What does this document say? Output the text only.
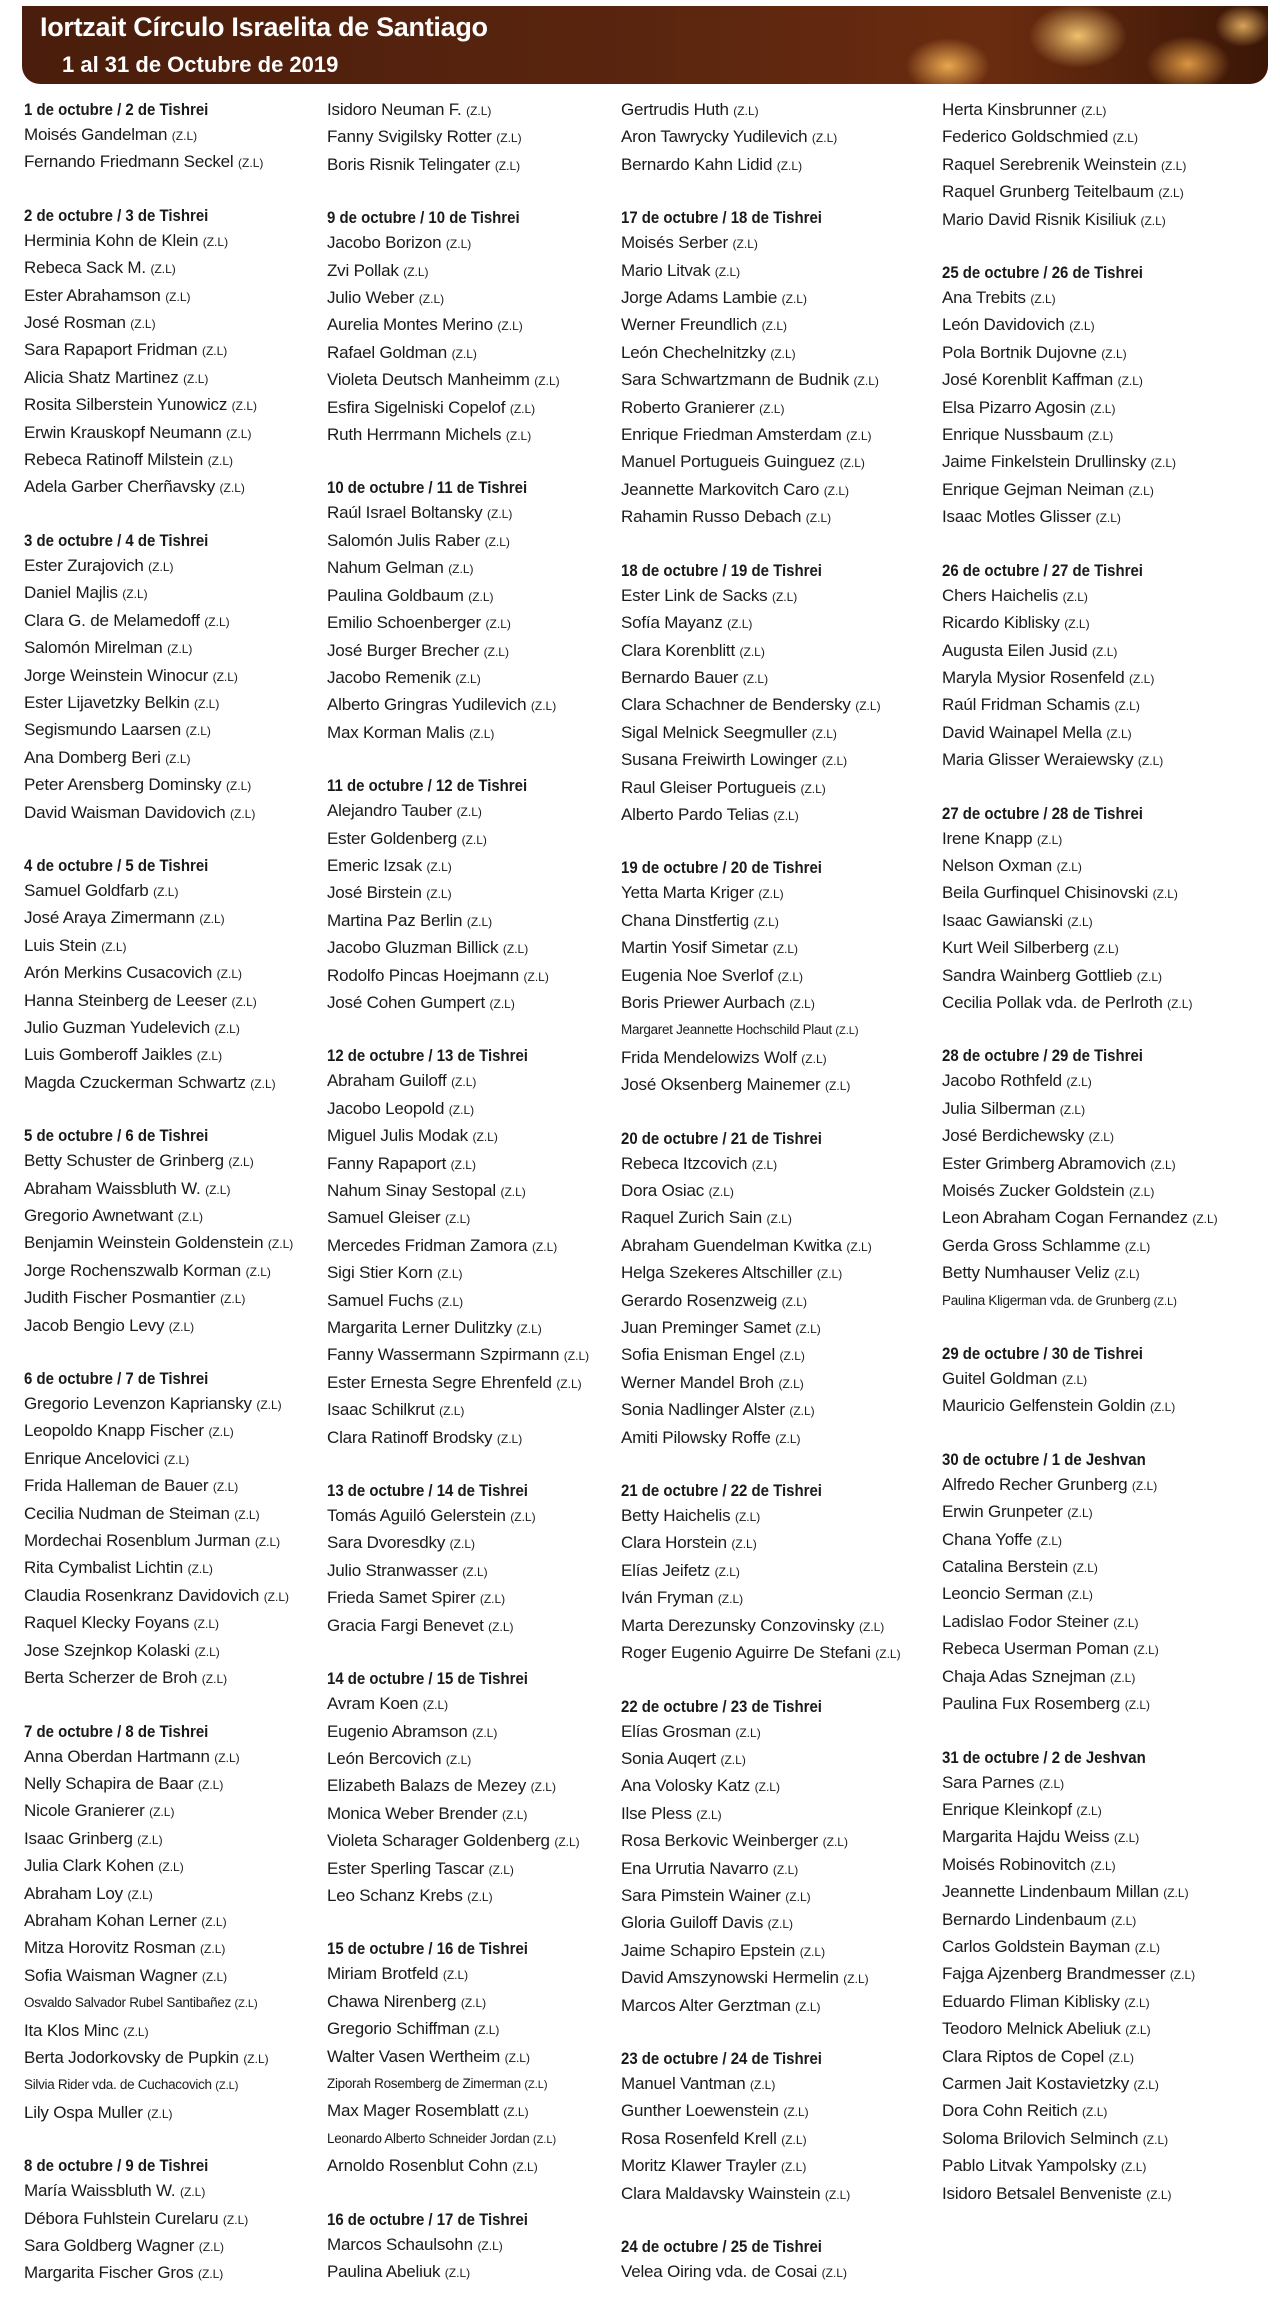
Iortzait Círculo Israelita de Santiago
1 al 31 de Octubre de 2019
1 de octubre / 2 de Tishrei
Moisés Gandelman (Z.L)
Fernando Friedmann Seckel (Z.L)
2 de octubre / 3 de Tishrei
Herminia Kohn de Klein (Z.L)
Rebeca Sack M. (Z.L)
Ester Abrahamson (Z.L)
José Rosman (Z.L)
Sara Rapaport Fridman (Z.L)
Alicia Shatz Martinez (Z.L)
Rosita Silberstein Yunowicz (Z.L)
Erwin Krauskopf Neumann (Z.L)
Rebeca Ratinoff Milstein (Z.L)
Adela Garber Cherñavsky (Z.L)
3 de octubre / 4 de Tishrei
Ester Zurajovich (Z.L)
Daniel Majlis (Z.L)
Clara G. de Melamedoff (Z.L)
Salomón Mirelman (Z.L)
Jorge Weinstein Winocur (Z.L)
Ester Lijavetzky Belkin (Z.L)
Segismundo Laarsen (Z.L)
Ana Domberg Beri (Z.L)
Peter Arensberg Dominsky (Z.L)
David Waisman Davidovich (Z.L)
4 de octubre / 5 de Tishrei
Samuel Goldfarb (Z.L)
José Araya Zimermann (Z.L)
Luis Stein (Z.L)
Arón Merkins Cusacovich (Z.L)
Hanna Steinberg de Leeser (Z.L)
Julio Guzman Yudelevich (Z.L)
Luis Gomberoff Jaikles (Z.L)
Magda Czuckerman Schwartz (Z.L)
5 de octubre / 6 de Tishrei
Betty Schuster de Grinberg (Z.L)
Abraham Waissbluth W. (Z.L)
Gregorio Awnetwant (Z.L)
Benjamin Weinstein Goldenstein (Z.L)
Jorge Rochenszwalb Korman (Z.L)
Judith Fischer Posmantier (Z.L)
Jacob Bengio Levy (Z.L)
6 de octubre / 7 de Tishrei
Gregorio Levenzon Kapriansky (Z.L)
Leopoldo Knapp Fischer (Z.L)
Enrique Ancelovici (Z.L)
Frida Halleman de Bauer (Z.L)
Cecilia Nudman de Steiman (Z.L)
Mordechai Rosenblum Jurman (Z.L)
Rita Cymbalist Lichtin (Z.L)
Claudia Rosenkranz Davidovich (Z.L)
Raquel Klecky Foyans (Z.L)
Jose Szejnkop Kolaski (Z.L)
Berta Scherzer de Broh (Z.L)
7 de octubre / 8 de Tishrei
Anna Oberdan Hartmann (Z.L)
Nelly Schapira de Baar (Z.L)
Nicole Granierer (Z.L)
Isaac Grinberg (Z.L)
Julia Clark Kohen (Z.L)
Abraham Loy (Z.L)
Abraham Kohan Lerner (Z.L)
Mitza Horovitz Rosman (Z.L)
Sofia Waisman Wagner (Z.L)
Osvaldo Salvador Rubel Santibañez (Z.L)
Ita Klos Minc (Z.L)
Berta Jodorkovsky de Pupkin (Z.L)
Silvia Rider vda. de Cuchacovich (Z.L)
Lily Ospa Muller (Z.L)
8 de octubre / 9 de Tishrei
María Waissbluth W. (Z.L)
Débora Fuhlstein Curelaru (Z.L)
Sara Goldberg Wagner (Z.L)
Margarita Fischer Gros (Z.L)
Isidoro Neuman F. (Z.L)
Fanny Svigilsky Rotter (Z.L)
Boris Risnik Telingater (Z.L)
9 de octubre / 10 de Tishrei
Jacobo Borizon (Z.L)
Zvi Pollak (Z.L)
Julio Weber (Z.L)
Aurelia Montes Merino (Z.L)
Rafael Goldman (Z.L)
Violeta Deutsch Manheimm (Z.L)
Esfira Sigelniski Copelof (Z.L)
Ruth Herrmann Michels (Z.L)
10 de octubre / 11 de Tishrei
Raúl Israel Boltansky (Z.L)
Salomón Julis Raber (Z.L)
Nahum Gelman (Z.L)
Paulina Goldbaum (Z.L)
Emilio Schoenberger (Z.L)
José Burger Brecher (Z.L)
Jacobo Remenik (Z.L)
Alberto Gringras Yudilevich (Z.L)
Max Korman Malis (Z.L)
11 de octubre / 12 de Tishrei
Alejandro Tauber (Z.L)
Ester Goldenberg (Z.L)
Emeric Izsak (Z.L)
José Birstein (Z.L)
Martina Paz Berlin (Z.L)
Jacobo Gluzman Billick (Z.L)
Rodolfo Pincas Hoejmann (Z.L)
José Cohen Gumpert (Z.L)
12 de octubre / 13 de Tishrei
Abraham Guiloff (Z.L)
Jacobo Leopold (Z.L)
Miguel Julis Modak (Z.L)
Fanny Rapaport (Z.L)
Nahum Sinay Sestopal (Z.L)
Samuel Gleiser (Z.L)
Mercedes Fridman Zamora (Z.L)
Sigi Stier Korn (Z.L)
Samuel Fuchs (Z.L)
Margarita Lerner Dulitzky (Z.L)
Fanny Wassermann Szpirmann (Z.L)
Ester Ernesta Segre Ehrenfeld (Z.L)
Isaac Schilkrut (Z.L)
Clara Ratinoff Brodsky (Z.L)
13 de octubre / 14 de Tishrei
Tomás Aguiló Gelerstein (Z.L)
Sara Dvoresdky (Z.L)
Julio Stranwasser (Z.L)
Frieda Samet Spirer (Z.L)
Gracia Fargi Benevet (Z.L)
14 de octubre / 15 de Tishrei
Avram Koen (Z.L)
Eugenio Abramson (Z.L)
León Bercovich (Z.L)
Elizabeth Balazs de Mezey (Z.L)
Monica Weber Brender (Z.L)
Violeta Scharager Goldenberg (Z.L)
Ester Sperling Tascar (Z.L)
Leo Schanz Krebs (Z.L)
15 de octubre / 16 de Tishrei
Miriam Brotfeld (Z.L)
Chawa Nirenberg (Z.L)
Gregorio Schiffman (Z.L)
Walter Vasen Wertheim (Z.L)
Ziporah Rosemberg de Zimerman (Z.L)
Max Mager Rosemblatt (Z.L)
Leonardo Alberto Schneider Jordan (Z.L)
Arnoldo Rosenblut Cohn (Z.L)
16 de octubre / 17 de Tishrei
Marcos Schaulsohn (Z.L)
Paulina Abeliuk (Z.L)
Gertrudis Huth (Z.L)
Aron Tawrycky Yudilevich (Z.L)
Bernardo Kahn Lidid (Z.L)
17 de octubre / 18 de Tishrei
Moisés Serber (Z.L)
Mario Litvak (Z.L)
Jorge Adams Lambie (Z.L)
Werner Freundlich (Z.L)
León Chechelnitzky (Z.L)
Sara Schwartzmann de Budnik (Z.L)
Roberto Granierer (Z.L)
Enrique Friedman Amsterdam (Z.L)
Manuel Portugueis Guinguez (Z.L)
Jeannette Markovitch Caro (Z.L)
Rahamin Russo Debach (Z.L)
18 de octubre / 19 de Tishrei
Ester Link de Sacks (Z.L)
Sofía Mayanz (Z.L)
Clara Korenblitt (Z.L)
Bernardo Bauer (Z.L)
Clara Schachner de Bendersky (Z.L)
Sigal Melnick Seegmuller (Z.L)
Susana Freiwirth Lowinger (Z.L)
Raul Gleiser Portugueis (Z.L)
Alberto Pardo Telias (Z.L)
19 de octubre / 20 de Tishrei
Yetta Marta Kriger (Z.L)
Chana Dinstfertig (Z.L)
Martin Yosif Simetar (Z.L)
Eugenia Noe Sverlof (Z.L)
Boris Priewer Aurbach (Z.L)
Margaret Jeannette Hochschild Plaut (Z.L)
Frida Mendelowizs Wolf (Z.L)
José Oksenberg Mainemer (Z.L)
20 de octubre / 21 de Tishrei
Rebeca Itzcovich (Z.L)
Dora Osiac (Z.L)
Raquel Zurich Sain (Z.L)
Abraham Guendelman Kwitka (Z.L)
Helga Szekeres Altschiller (Z.L)
Gerardo Rosenzweig (Z.L)
Juan Preminger Samet (Z.L)
Sofia Enisman Engel (Z.L)
Werner Mandel Broh (Z.L)
Sonia Nadlinger Alster (Z.L)
Amiti Pilowsky Roffe (Z.L)
21 de octubre / 22 de Tishrei
Betty Haichelis (Z.L)
Clara Horstein (Z.L)
Elías Jeifetz (Z.L)
Iván Fryman (Z.L)
Marta Derezunsky Conzovinsky (Z.L)
Roger Eugenio Aguirre De Stefani (Z.L)
22 de octubre / 23 de Tishrei
Elías Grosman (Z.L)
Sonia Auqert (Z.L)
Ana Volosky Katz (Z.L)
Ilse Pless (Z.L)
Rosa Berkovic Weinberger (Z.L)
Ena Urrutia Navarro (Z.L)
Sara Pimstein Wainer (Z.L)
Gloria Guiloff Davis (Z.L)
Jaime Schapiro Epstein (Z.L)
David Amszynowski Hermelin (Z.L)
Marcos Alter Gerztman (Z.L)
23 de octubre / 24 de Tishrei
Manuel Vantman (Z.L)
Gunther Loewenstein (Z.L)
Rosa Rosenfeld Krell (Z.L)
Moritz Klawer Trayler (Z.L)
Clara Maldavsky Wainstein (Z.L)
24 de octubre / 25 de Tishrei
Velea Oiring vda. de Cosai (Z.L)
Herta Kinsbrunner (Z.L)
Federico Goldschmied (Z.L)
Raquel Serebrenik Weinstein (Z.L)
Raquel Grunberg Teitelbaum (Z.L)
Mario David Risnik Kisiliuk (Z.L)
25 de octubre / 26 de Tishrei
Ana Trebits (Z.L)
León Davidovich (Z.L)
Pola Bortnik Dujovne (Z.L)
José Korenblit Kaffman (Z.L)
Elsa Pizarro Agosin (Z.L)
Enrique Nussbaum (Z.L)
Jaime Finkelstein Drullinsky (Z.L)
Enrique Gejman Neiman (Z.L)
Isaac Motles Glisser (Z.L)
26 de octubre / 27 de Tishrei
Chers Haichelis (Z.L)
Ricardo Kiblisky (Z.L)
Augusta Eilen Jusid (Z.L)
Maryla Mysior Rosenfeld (Z.L)
Raúl Fridman Schamis (Z.L)
David Wainapel Mella (Z.L)
Maria Glisser Weraiewsky (Z.L)
27 de octubre / 28 de Tishrei
Irene Knapp (Z.L)
Nelson Oxman (Z.L)
Beila Gurfinquel Chisinovski (Z.L)
Isaac Gawianski (Z.L)
Kurt Weil Silberberg (Z.L)
Sandra Wainberg Gottlieb (Z.L)
Cecilia Pollak vda. de Perlroth (Z.L)
28 de octubre / 29 de Tishrei
Jacobo Rothfeld (Z.L)
Julia Silberman (Z.L)
José Berdichewsky (Z.L)
Ester Grimberg Abramovich (Z.L)
Moisés Zucker Goldstein (Z.L)
Leon Abraham Cogan Fernandez (Z.L)
Gerda Gross Schlamme (Z.L)
Betty Numhauser Veliz (Z.L)
Paulina Kligerman vda. de Grunberg (Z.L)
29 de octubre / 30 de Tishrei
Guitel Goldman (Z.L)
Mauricio Gelfenstein Goldin (Z.L)
30 de octubre / 1 de Jeshvan
Alfredo Recher Grunberg (Z.L)
Erwin Grunpeter (Z.L)
Chana Yoffe (Z.L)
Catalina Berstein (Z.L)
Leoncio Serman (Z.L)
Ladislao Fodor Steiner (Z.L)
Rebeca Userman Poman (Z.L)
Chaja Adas Sznejman (Z.L)
Paulina Fux Rosemberg (Z.L)
31 de octubre / 2 de Jeshvan
Sara Parnes (Z.L)
Enrique Kleinkopf (Z.L)
Margarita Hajdu Weiss (Z.L)
Moisés Robinovitch (Z.L)
Jeannette Lindenbaum Millan (Z.L)
Bernardo Lindenbaum (Z.L)
Carlos Goldstein Bayman (Z.L)
Fajga Ajzenberg Brandmesser (Z.L)
Eduardo Fliman Kiblisky (Z.L)
Teodoro Melnick Abeliuk (Z.L)
Clara Riptos de Copel (Z.L)
Carmen Jait Kostavietzky (Z.L)
Dora Cohn Reitich (Z.L)
Soloma Brilovich Selminch (Z.L)
Pablo Litvak Yampolsky (Z.L)
Isidoro Betsalel Benveniste (Z.L)
